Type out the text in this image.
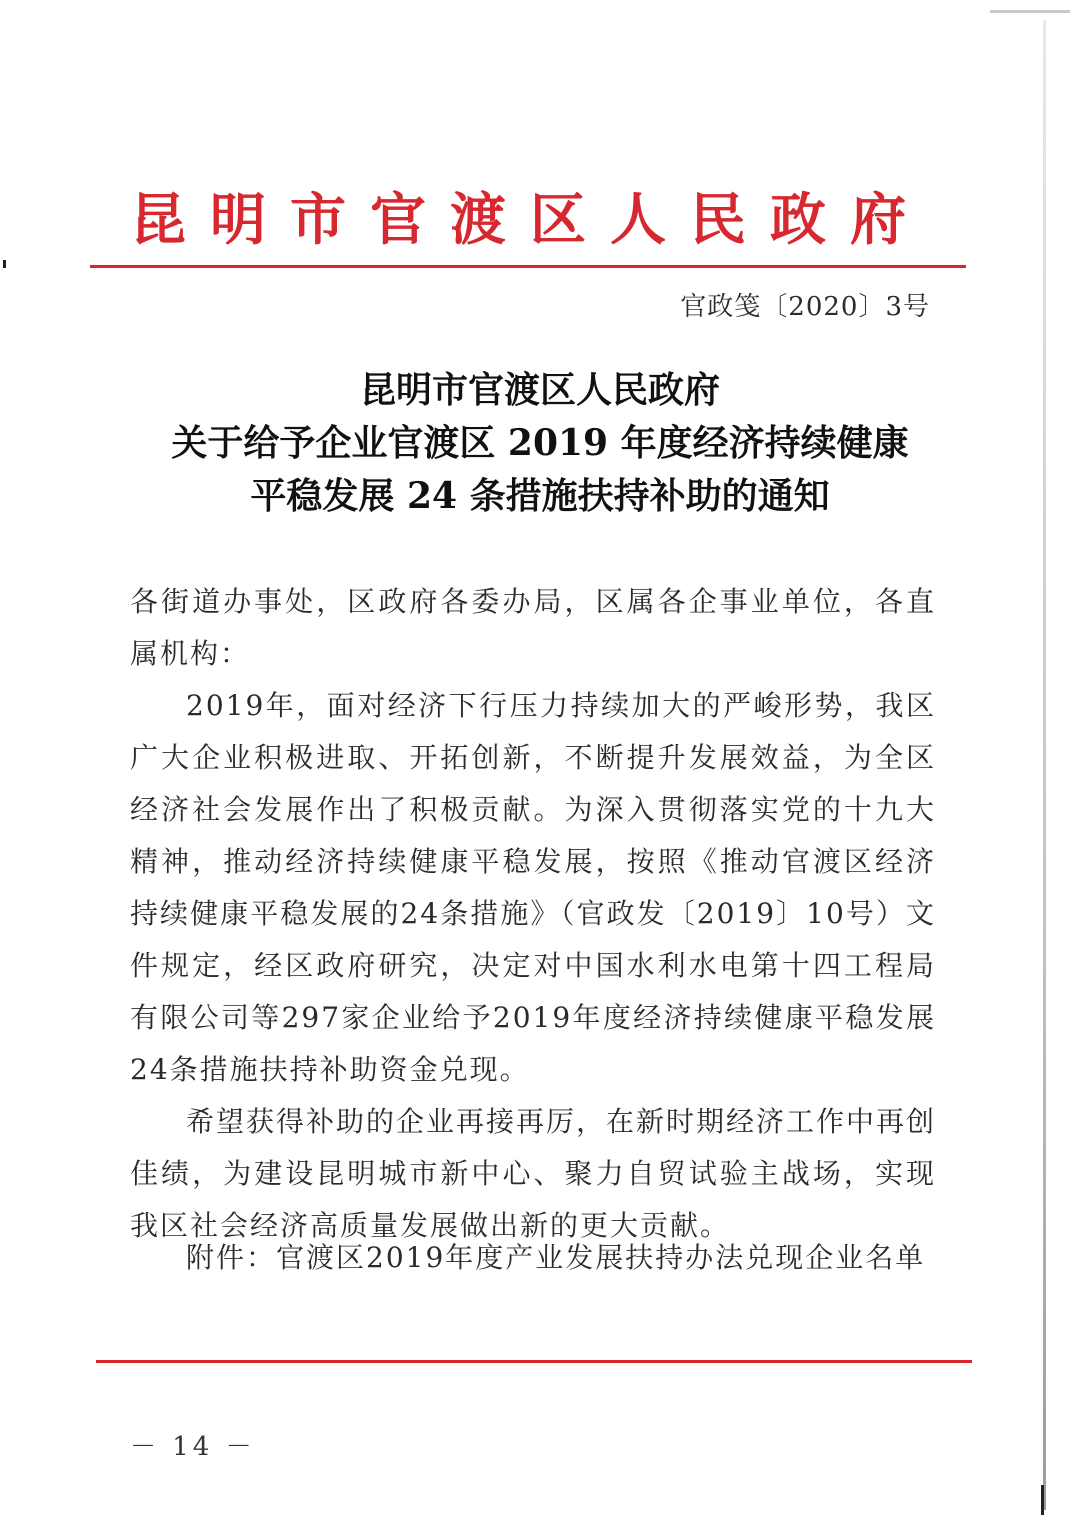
昆明市官渡区人民政府
官政笺〔2020〕3号
昆明市官渡区人民政府
关于给予企业官渡区 2019 年度经济持续健康
平稳发展 24 条措施扶持补助的通知

各街道办事处，区政府各委办局，区属各企事业单位，各直属机构：

2019年，面对经济下行压力持续加大的严峻形势，我区广大企业积极进取、开拓创新，不断提升发展效益，为全区经济社会发展作出了积极贡献。为深入贯彻落实党的十九大精神，推动经济持续健康平稳发展，按照《推动官渡区经济持续健康平稳发展的24条措施》（官政发〔2019〕10号）文件规定，经区政府研究，决定对中国水利水电第十四工程局有限公司等297家企业给予2019年度经济持续健康平稳发展24条措施扶持补助资金兑现。

希望获得补助的企业再接再厉，在新时期经济工作中再创佳绩，为建设昆明城市新中心、聚力自贸试验主战场，实现我区社会经济高质量发展做出新的更大贡献。

附件：官渡区2019年度产业发展扶持办法兑现企业名单
－ 14 －
